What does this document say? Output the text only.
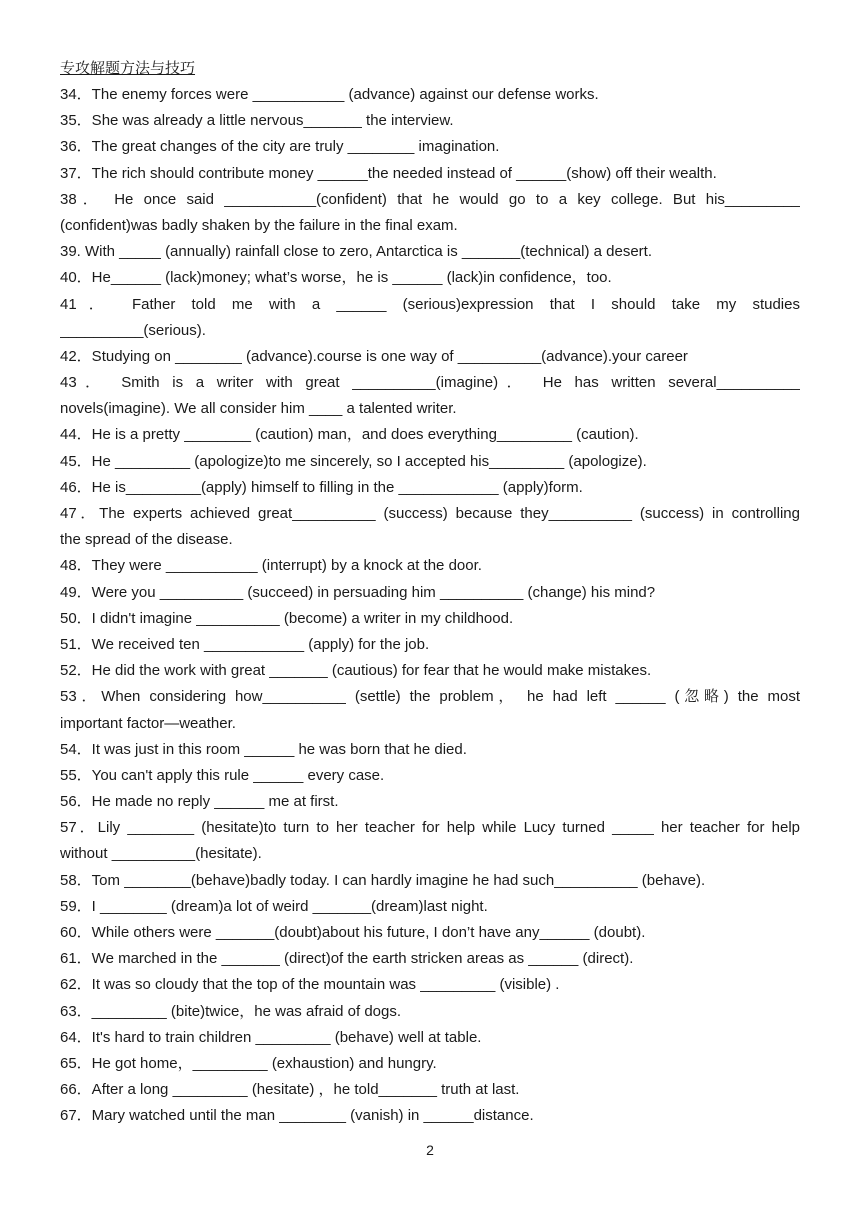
专攻解题方法与技巧
34．The enemy forces were ___________ (advance) against our defense works.
35．She was already a little nervous_______ the interview.
36．The great changes of the city are truly ________ imagination.
37．The rich should contribute money ______the needed instead of ______(show) off their wealth.
38． He once said ___________(confident) that he would go to a key college. But his_________
(confident)was badly shaken by the failure in the final exam.
39. With _____ (annually) rainfall close to zero, Antarctica is _______(technical) a desert.
40．He______ (lack)money; what’s worse，he is ______ (lack)in confidence，too.
41． Father told me with a ______ (serious)expression that I should take my studies
__________(serious).
42．Studying on ________ (advance).course is one way of __________(advance).your career
43． Smith is a writer with great __________(imagine)． He has written several__________
novels(imagine). We all consider him ____ a talented writer.
44．He is a pretty ________ (caution) man，and does everything_________ (caution).
45．He _________ (apologize)to me sincerely, so I accepted his_________ (apologize).
46．He is_________(apply) himself to filling in the ____________ (apply)form.
47．The experts achieved great__________ (success) because they__________ (success) in controlling
the spread of the disease.
48．They were ___________ (interrupt) by a knock at the door.
49．Were you __________ (succeed) in persuading him __________ (change) his mind?
50．I didn't imagine __________ (become) a writer in my childhood.
51．We received ten ____________ (apply) for the job.
52．He did the work with great _______ (cautious) for fear that he would make mistakes.
53．When considering how__________ (settle) the problem， he had left ______ (忽略) the most
important factor—weather.
54．It was just in this room ______ he was born that he died.
55．You can't apply this rule ______ every case.
56．He made no reply ______ me at first.
57．Lily ________ (hesitate)to turn to her teacher for help while Lucy turned _____ her teacher for help
without __________(hesitate).
58．Tom ________(behave)badly today. I can hardly imagine he had such__________ (behave).
59．I ________ (dream)a lot of weird _______(dream)last night.
60．While others were _______(doubt)about his future, I don’t have any______ (doubt).
61．We marched in the _______ (direct)of the earth stricken areas as ______ (direct).
62．It was so cloudy that the top of the mountain was _________ (visible) .
63．_________ (bite)twice，he was afraid of dogs.
64．It's hard to train children _________ (behave) well at table.
65．He got home，_________ (exhaustion) and hungry.
66．After a long _________ (hesitate) ，he told_______ truth at last.
67．Mary watched until the man ________ (vanish) in ______distance.
2
